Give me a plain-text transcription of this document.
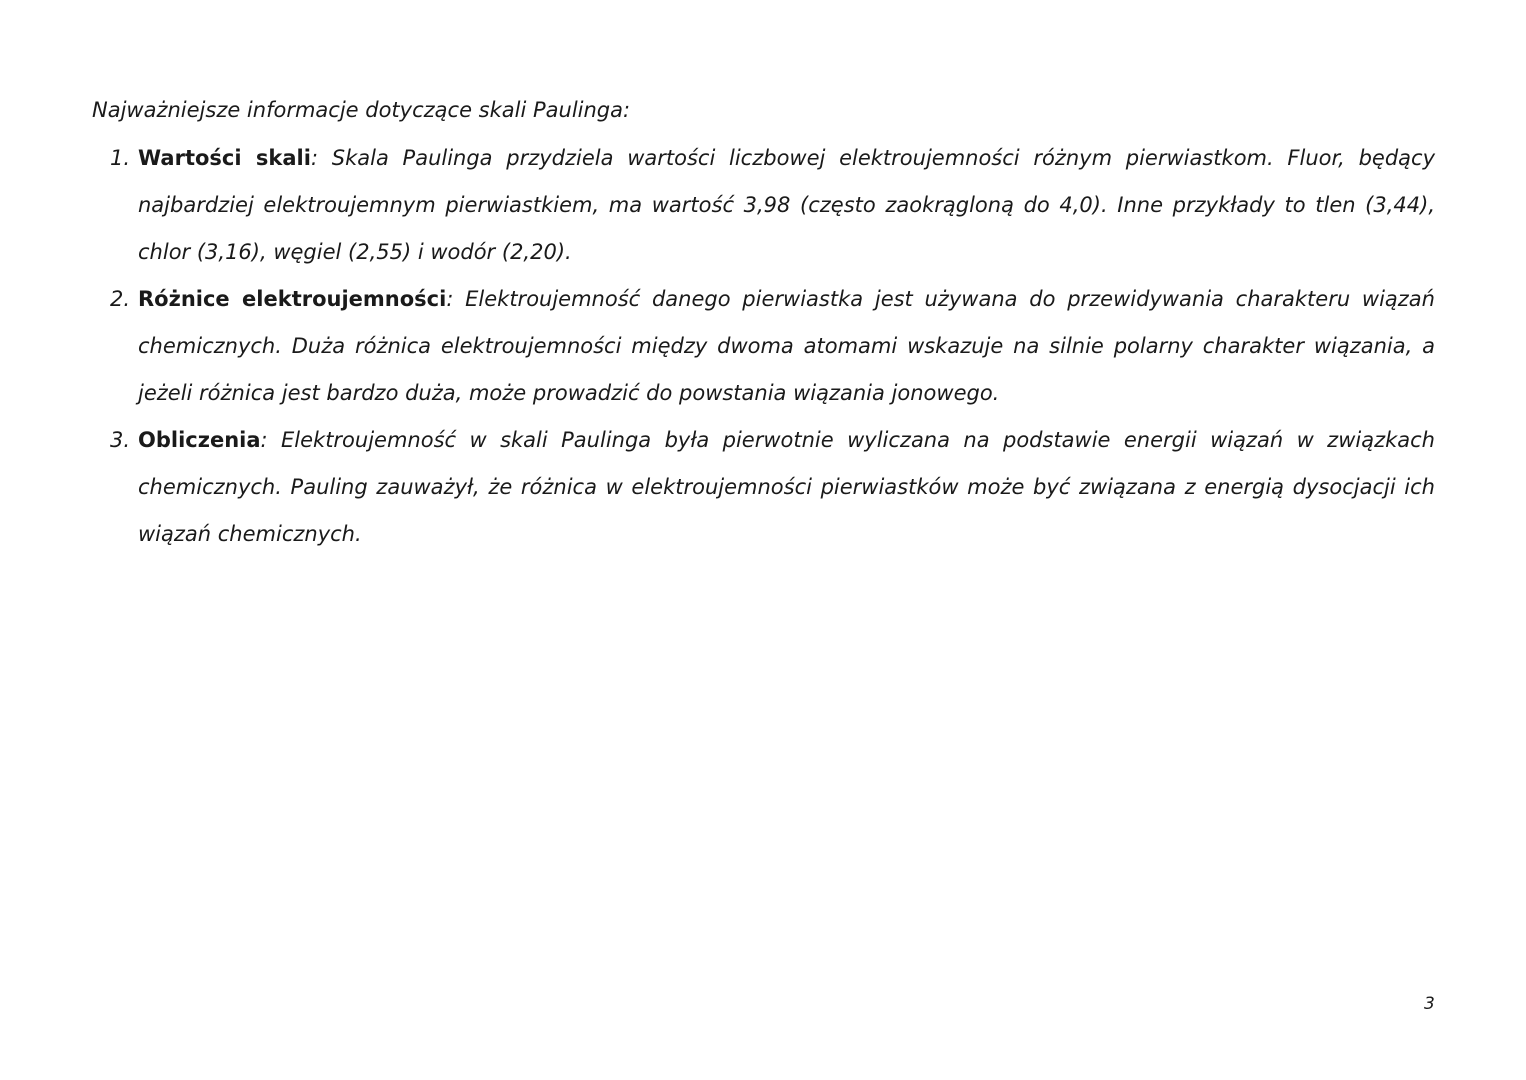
Najważniejsze informacje dotyczące skali Paulinga:
1. Wartości skali: Skala Paulinga przydziela wartości liczbowej elektroujemności różnym pierwiastkom. Fluor, będący najbardziej elektroujemnym pierwiastkiem, ma wartość 3,98 (często zaokrągloną do 4,0). Inne przykłady to tlen (3,44), chlor (3,16), węgiel (2,55) i wodór (2,20).
2. Różnice elektroujemności: Elektroujemność danego pierwiastka jest używana do przewidywania charakteru wiązań chemicznych. Duża różnica elektroujemności między dwoma atomami wskazuje na silnie polarny charakter wiązania, a jeżeli różnica jest bardzo duża, może prowadzić do powstania wiązania jonowego.
3. Obliczenia: Elektroujemność w skali Paulinga była pierwotnie wyliczana na podstawie energii wiązań w związkach chemicznych. Pauling zauważył, że różnica w elektroujemności pierwiastków może być związana z energią dysocjacji ich wiązań chemicznych.
3
